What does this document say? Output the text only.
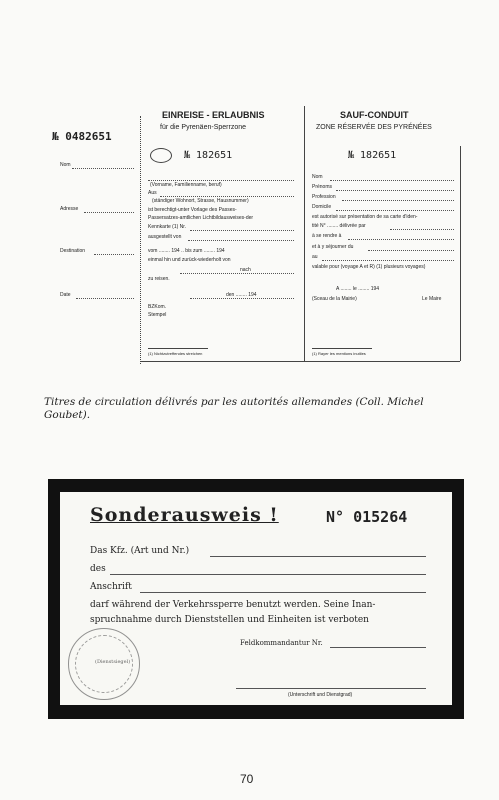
№ 0482651
Nom
Adresse
Destination
Date
EINREISE - ERLAUBNIS
für die Pyrenäen-Sperrzone
№ 182651
(Vorname, Familienname, beruf)
Aus
(ständiger Wohnort, Strasse, Hausnummer)
ist berechtigt-unter Vorlage des Passes-
Passersatzes-amtlichen Lichtbildausweises-der
Kennkarte (1) Nr.
ausgestellt von
vom ........ 194 .. bis zum ........ 194
einmal hin und zurück-wiederholt von
nach
zu reisen.
den ........ 194
BZKom.
Stempel
(1) Nichtzutreffendes streichen
SAUF-CONDUIT
ZONE RÉSERVÉE DES PYRÉNÉES
№ 182651
Nom
Prénoms
Profession
Domicile
est autorisé sur présentation de sa carte d'iden-
tité N° ........ délivrée par
à se rendre à
et à y séjourner du
au
valable pour (voyage A et R) (1) plusieurs voyages)
A ........ le ........ 194
(Sceau de la Mairie)	Le Maire
(1) Rayer les mentions inutiles
Titres de circulation délivrés par les autorités allemandes (Coll. Michel Goubet).
Sonderausweis !	N° 015264
Das Kfz. (Art und Nr.)
des
Anschrift
darf während der Verkehrssperre benutzt werden. Seine Inan-
spruchnahme durch Dienststellen und Einheiten ist verboten
Feldkommandantur Nr.
(Dienstsiegel)
(Unterschrift und Dienstgrad)
70
